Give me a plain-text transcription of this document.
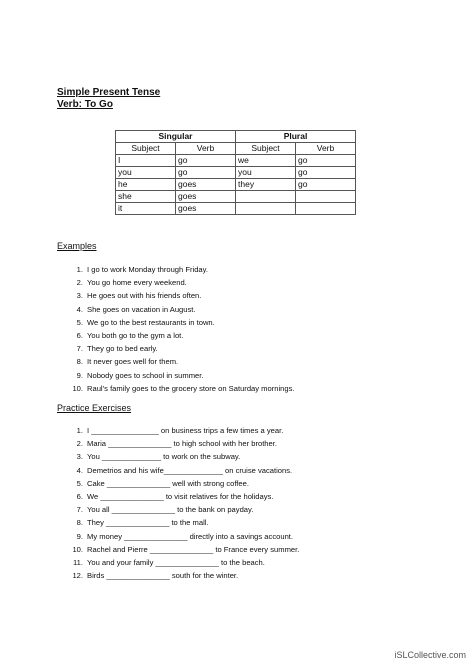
Simple Present Tense
Verb: To Go
Singular		Plural	
Subject	Verb	Subject	Verb
I	go	we	go
you	go	you	go
he	goes	they	go
she	goes		
it	goes		
Examples
1. I go to work Monday through Friday.
2. You go home every weekend.
3. He goes out with his friends often.
4. She goes on vacation in August.
5. We go to the best restaurants in town.
6. You both go to the gym a lot.
7. They go to bed early.
8. It never goes well for them.
9. Nobody goes to school in summer.
10. Raul’s family goes to the grocery store on Saturday mornings.
Practice Exercises
1. I ________________ on business trips a few times a year.
2. Maria _______________ to high school with her brother.
3. You ______________ to work on the subway.
4. Demetrios and his wife______________ on cruise vacations.
5. Cake _______________ well with strong coffee.
6. We _______________ to visit relatives for the holidays.
7. You all _______________ to the bank on payday.
8. They _______________ to the mall.
9. My money _______________ directly into a savings account.
10. Rachel and Pierre _______________ to France every summer.
11. You and your family _______________ to the beach.
12. Birds _______________ south for the winter.
iSLCollective.com
